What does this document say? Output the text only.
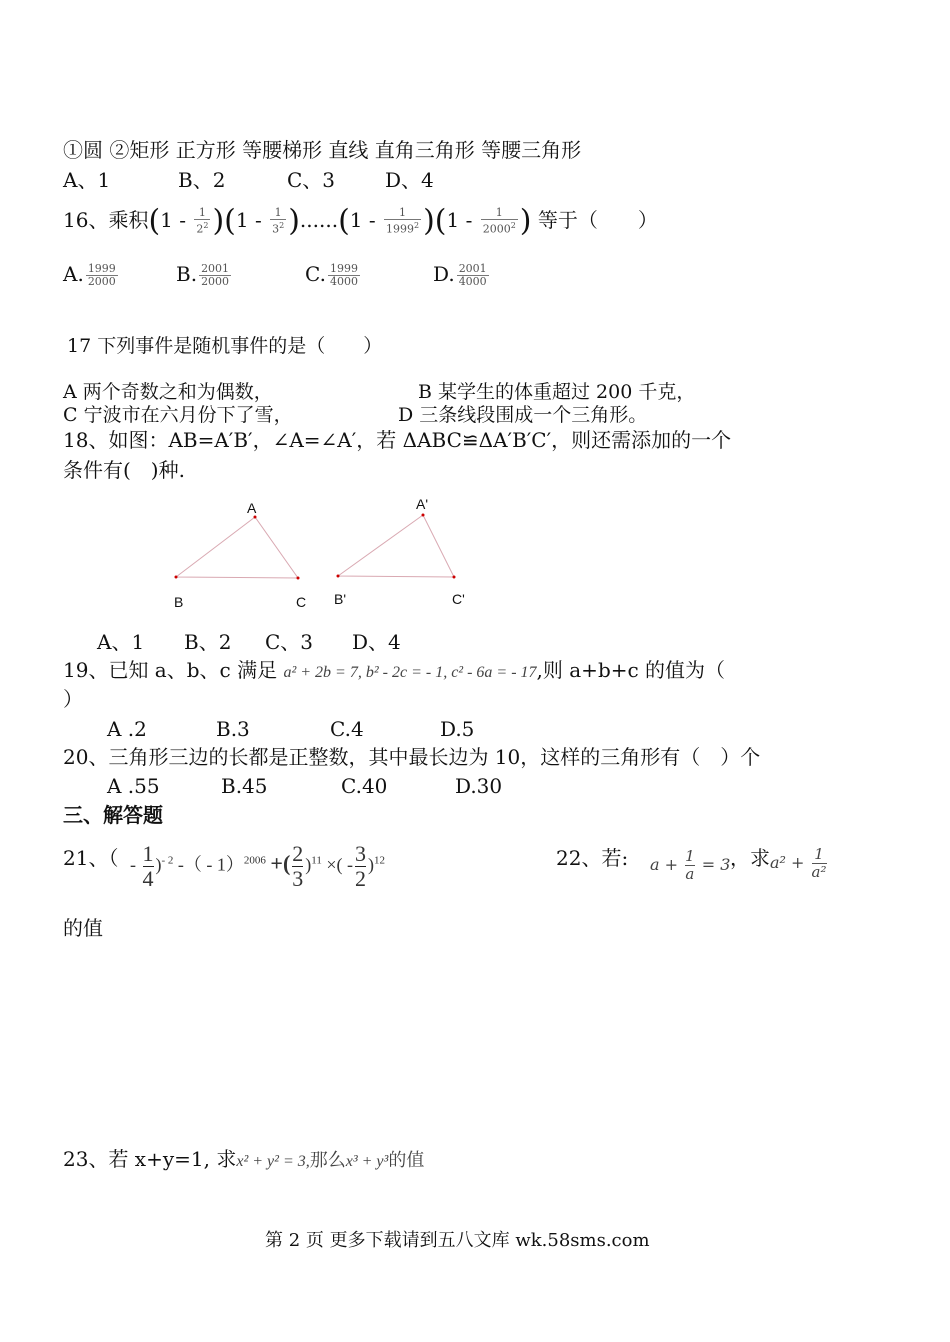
①圆 ②矩形 正方形 等腰梯形 直线 直角三角形 等腰三角形
A、1	B、2	C、3 D、4
16、乘积$(1 - \frac{1}{2^2} )(1 - \frac{1}{3^2} )......(1 - \frac{1}{1999^2} )(1 - \frac{1}{2000^2}$ ) 等于（　　）
A. $\frac{1999}{2000}$	B. $\frac{2001}{2000}$	C. $\frac{1999}{4000}$	D. $\frac{2001}{4000}$
17 下列事件是随机事件的是（　　）
A 两个奇数之和为偶数，	B 某学生的体重超过 200 千克，
C 宁波市在六月份下了雪，	D 三条线段围成一个三角形。
18、如图：AB=A′B′，∠A=∠A′，若 ΔABC≌ΔA′B′C′，则还需添加的一个
条件有(　)种.
A
B	C
A'
B'	C'
A、1 B、2 C、3 D、4
19、已知 a、b、c 满足 a² + 2b = 7, b² - 2c = - 1, c² - 6a = - 17,则 a+b+c 的值为（
）
A .2	B.3	C.4	D.5
20、三角形三边的长都是正整数，其中最长边为 10，这样的三角形有（　）个
A .55	B.45	C.40	D.30
三、解答题
21、（ - $\frac{1}{4} )^{- 2}$ -（ - $1)^{2006} +(\frac{2}{3} )^{11}$ ×( $-\frac{3}{2} )^{12}$	22、若: $a + \frac{1}{a} = 3$ ，求 $a^2 + \frac{1}{\text{a²}}$
的值
23、若 x+y=1, 求x² + y² = 3,那么x³ + y³的值
第 2 页 更多下载请到五八文库 wk.58sms.com
